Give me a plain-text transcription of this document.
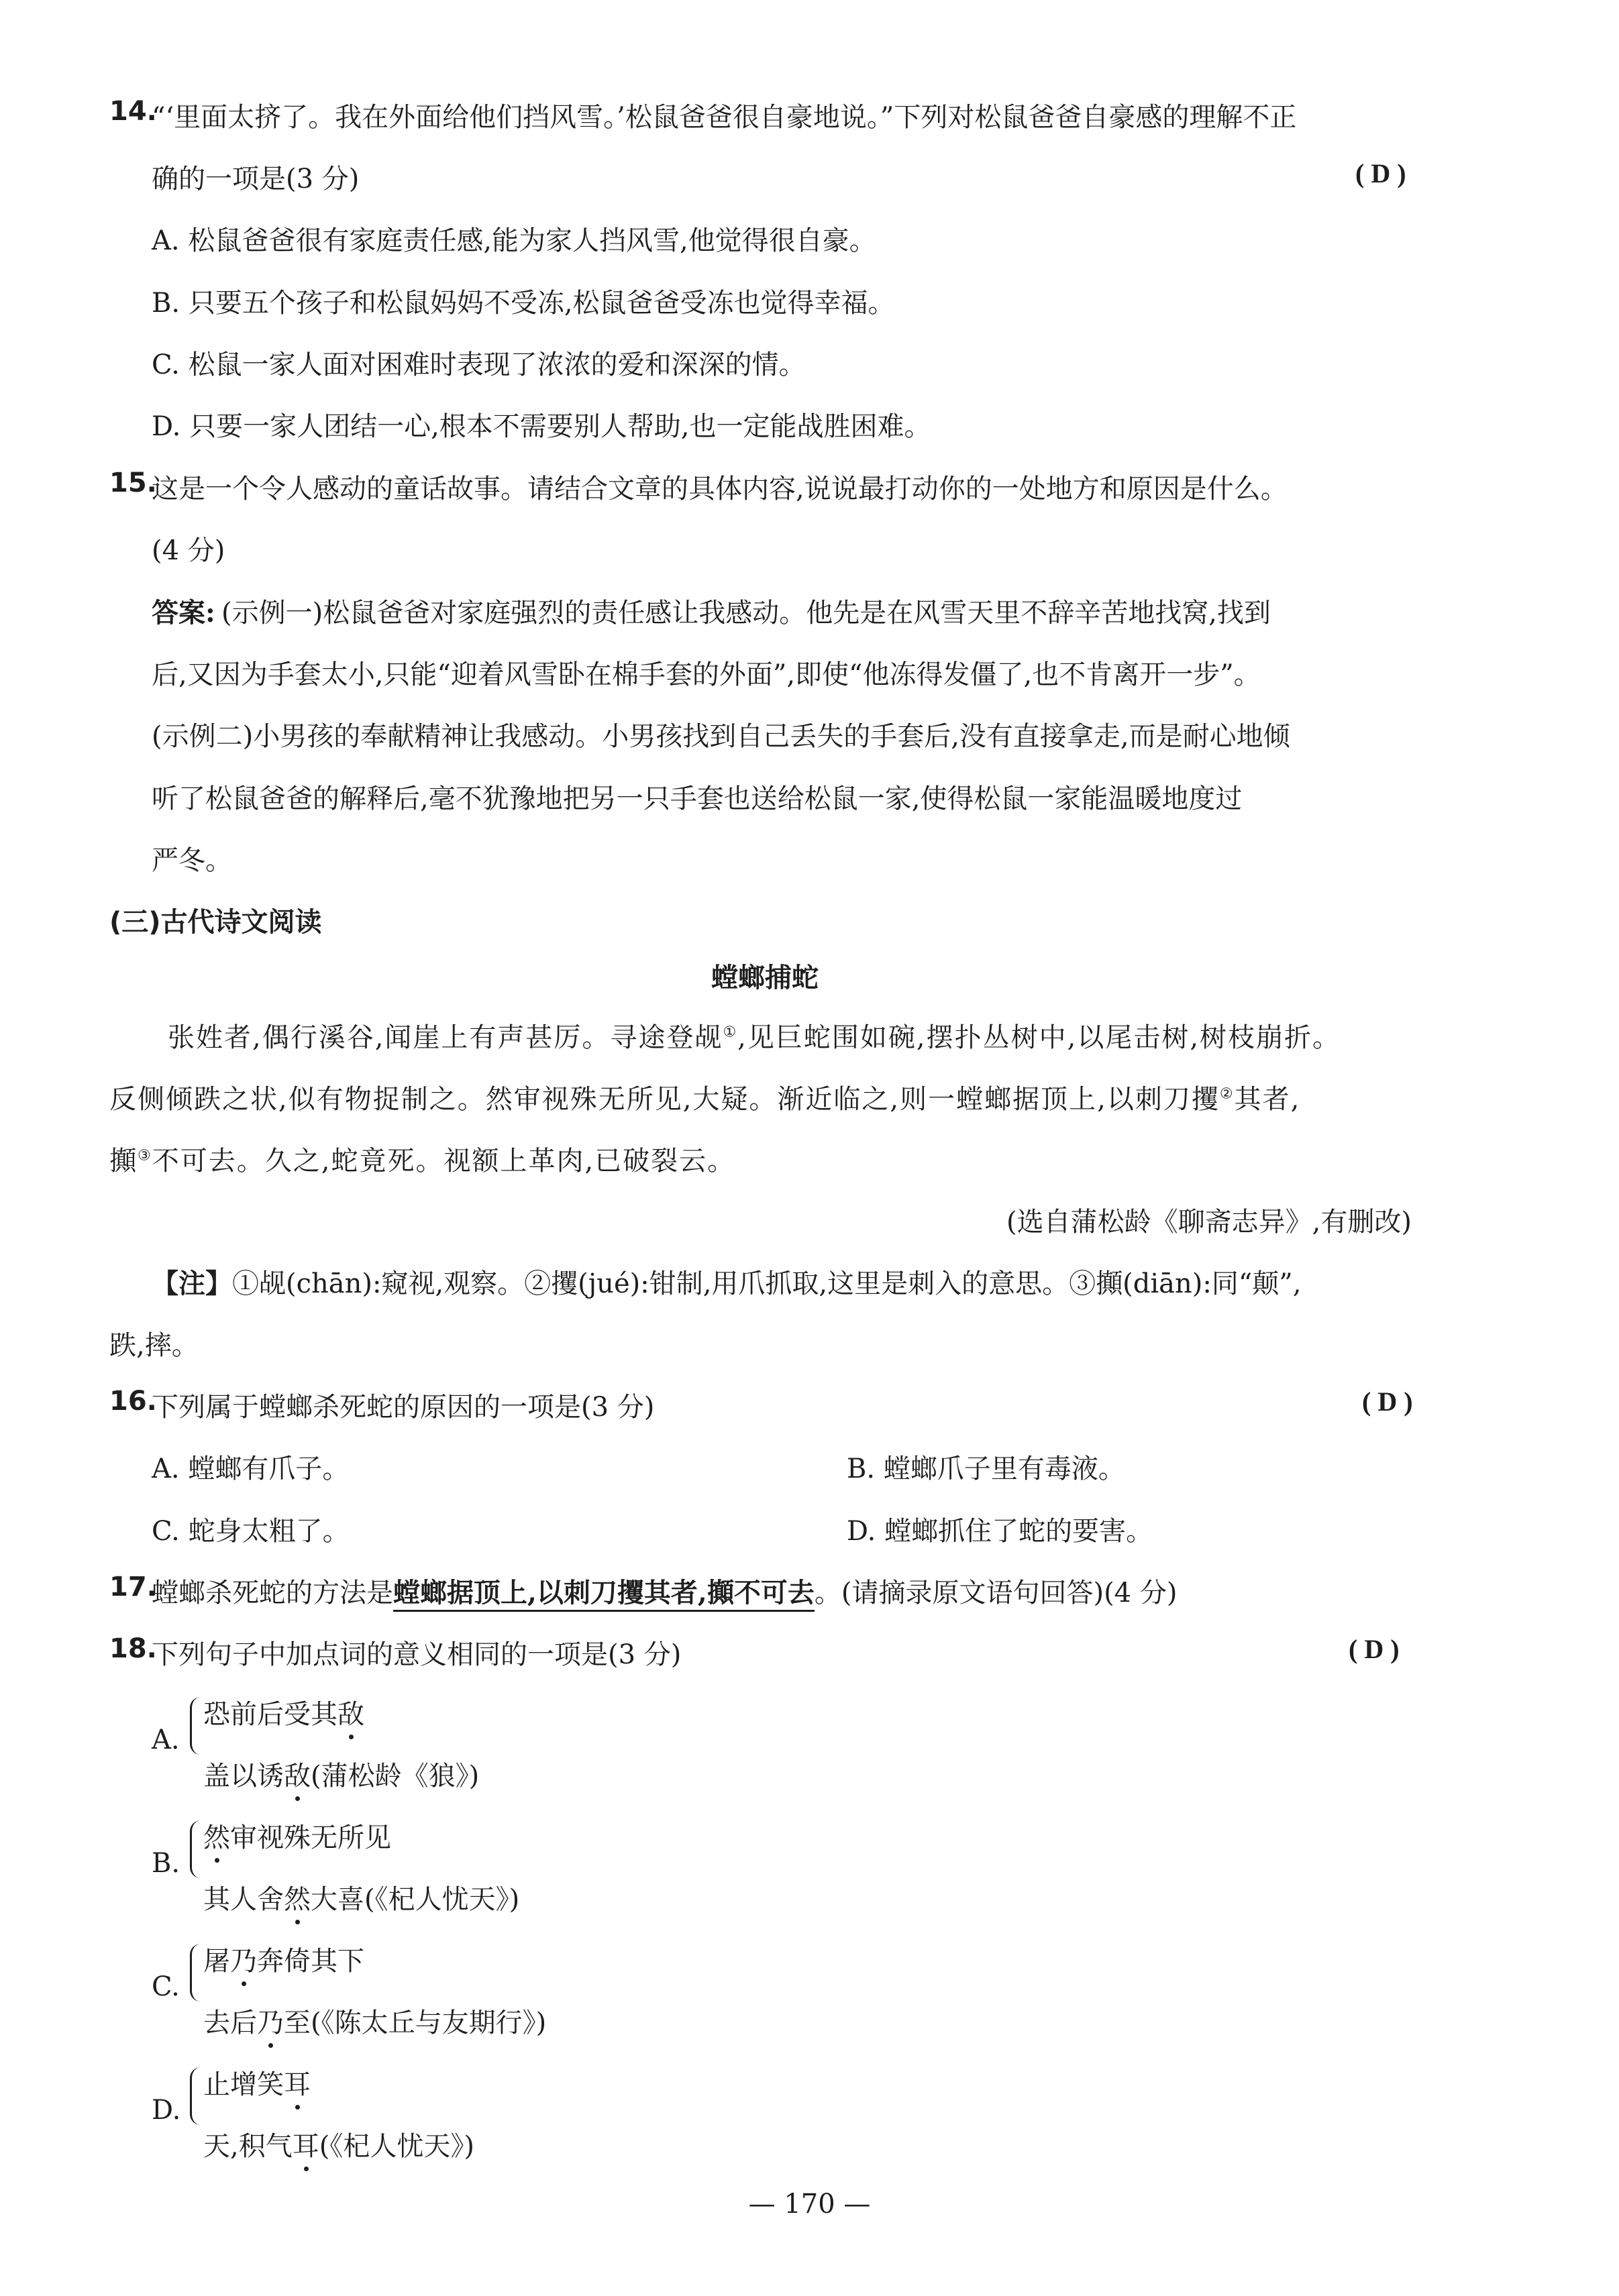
14.
“‘里面太挤了。我在外面给他们挡风雪。’松鼠爸爸很自豪地说。”下列对松鼠爸爸自豪感的理解不正
确的一项是(3 分)	( D )
A. 松鼠爸爸很有家庭责任感,能为家人挡风雪,他觉得很自豪。
B. 只要五个孩子和松鼠妈妈不受冻,松鼠爸爸受冻也觉得幸福。
C. 松鼠一家人面对困难时表现了浓浓的爱和深深的情。
D. 只要一家人团结一心,根本不需要别人帮助,也一定能战胜困难。
15.
这是一个令人感动的童话故事。请结合文章的具体内容,说说最打动你的一处地方和原因是什么。
(4 分)
答案: (示例一)松鼠爸爸对家庭强烈的责任感让我感动。他先是在风雪天里不辞辛苦地找窝,找到
后,又因为手套太小,只能“迎着风雪卧在棉手套的外面”,即使“他冻得发僵了,也不肯离开一步”。
(示例二)小男孩的奉献精神让我感动。小男孩找到自己丢失的手套后,没有直接拿走,而是耐心地倾
听了松鼠爸爸的解释后,毫不犹豫地把另一只手套也送给松鼠一家,使得松鼠一家能温暖地度过
严冬。
(三)古代诗文阅读
螳螂捕蛇
张姓者,偶行溪谷,闻崖上有声甚厉。寻途登觇①,见巨蛇围如碗,摆扑丛树中,以尾击树,树枝崩折。
反侧倾跌之状,似有物捉制之。然审视殊无所见,大疑。渐近临之,则一螳螂据顶上,以刺刀攫②其者,
攧③不可去。久之,蛇竟死。视额上革肉,已破裂云。
(选自蒲松龄《聊斋志异》,有删改)
【注】①觇(chān):窥视,观察。②攫(jué):钳制,用爪抓取,这里是刺入的意思。③攧(diān):同“颠”,
跌,摔。
16.
下列属于螳螂杀死蛇的原因的一项是(3 分)	( D )
A. 螳螂有爪子。	B. 螳螂爪子里有毒液。
C. 蛇身太粗了。	D. 螳螂抓住了蛇的要害。
17.
螳螂杀死蛇的方法是螳螂据顶上,以刺刀攫其者,攧不可去。(请摘录原文语句回答)(4 分)
18.
下列句子中加点词的意义相同的一项是(3 分)	( D )
A.
恐前后受其敌
盖以诱敌(蒲松龄《狼》)
B.
然审视殊无所见
其人舍然大喜(《杞人忧天》)
C.
屠乃奔倚其下
去后乃至(《陈太丘与友期行》)
D.
止增笑耳
天,积气耳(《杞人忧天》)
— 170 —
